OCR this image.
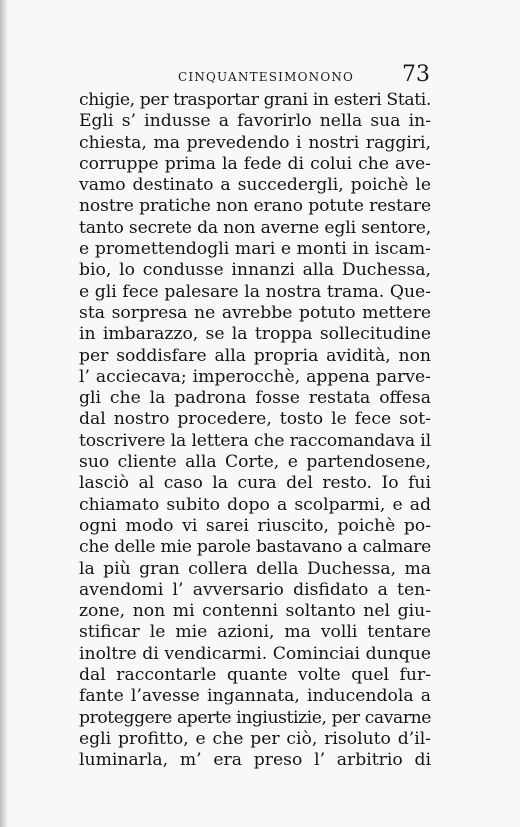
CINQUANTESIMONONO 73
chigie, per trasportar grani in esteri Stati.
Egli s’ indusse a favorirlo nella sua in-
chiesta, ma prevedendo i nostri raggiri,
corruppe prima la fede di colui che ave-
vamo destinato a succedergli, poichè le
nostre pratiche non erano potute restare
tanto secrete da non averne egli sentore,
e promettendogli mari e monti in iscam-
bio, lo condusse innanzi alla Duchessa,
e gli fece palesare la nostra trama. Que-
sta sorpresa ne avrebbe potuto mettere
in imbarazzo, se la troppa sollecitudine
per soddisfare alla propria avidità, non
l’ acciecava; imperocchè, appena parve-
gli che la padrona fosse restata offesa
dal nostro procedere, tosto le fece sot-
toscrivere la lettera che raccomandava il
suo cliente alla Corte, e partendosene,
lasciò al caso la cura del resto. Io fui
chiamato subito dopo a scolparmi, e ad
ogni modo vi sarei riuscito, poichè po-
che delle mie parole bastavano a calmare
la più gran collera della Duchessa, ma
avendomi l’ avversario disfidato a ten-
zone, non mi contenni soltanto nel giu-
stificar le mie azioni, ma volli tentare
inoltre di vendicarmi. Cominciai dunque
dal raccontarle quante volte quel fur-
fante l’avesse ingannata, inducendola a
proteggere aperte ingiustizie, per cavarne
egli profitto, e che per ciò, risoluto d’il-
luminarla, m’ era preso l’ arbitrio di
